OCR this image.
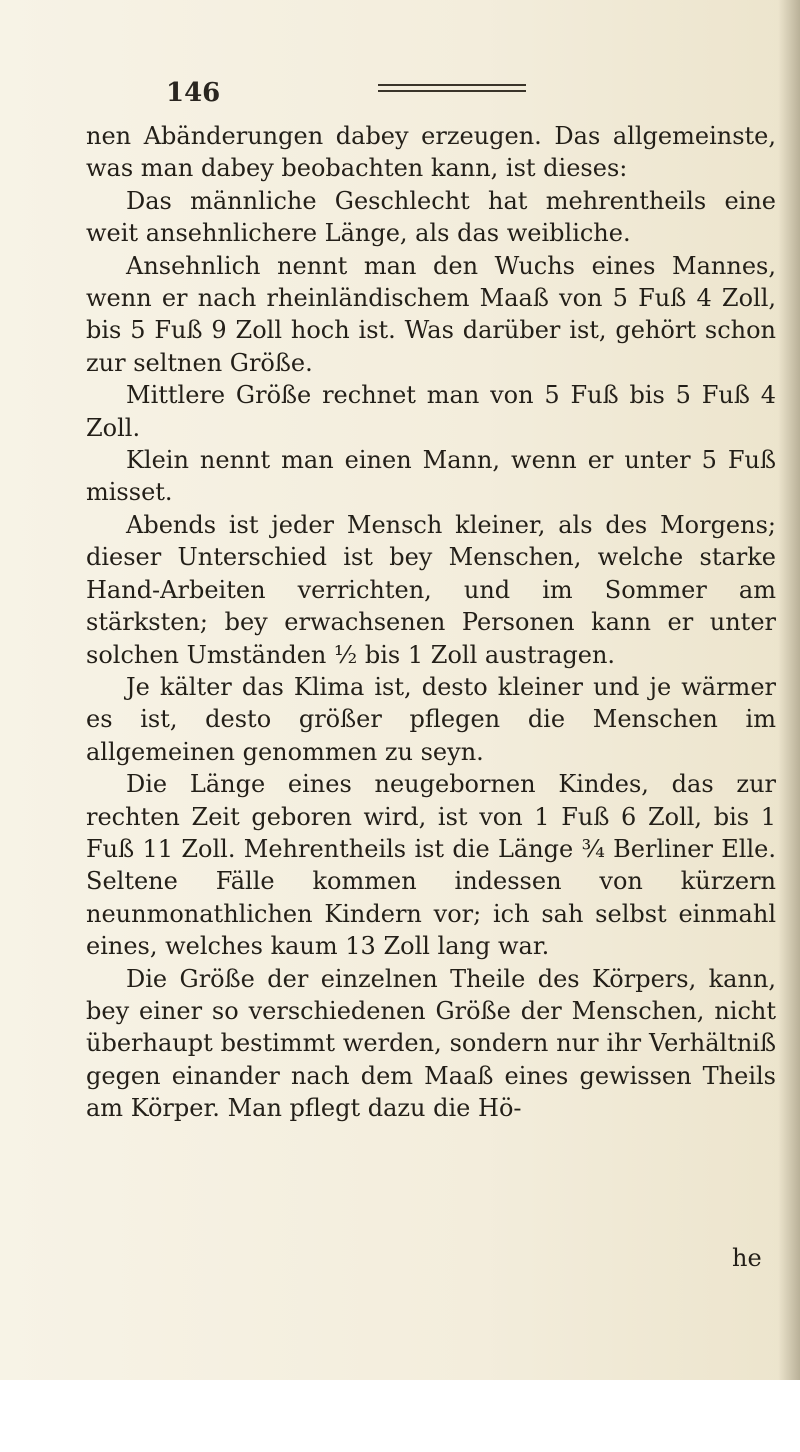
146

nen Abänderungen dabey erzeugen. Das allgemeinste, was man dabey beobachten kann, ist dieses:

Das männliche Geschlecht hat mehrentheils eine weit ansehnlichere Länge, als das weibliche.

Ansehnlich nennt man den Wuchs eines Mannes, wenn er nach rheinländischem Maaß von 5 Fuß 4 Zoll, bis 5 Fuß 9 Zoll hoch ist. Was darüber ist, gehört schon zur seltnen Größe.

Mittlere Größe rechnet man von 5 Fuß bis 5 Fuß 4 Zoll.

Klein nennt man einen Mann, wenn er unter 5 Fuß misset.

Abends ist jeder Mensch kleiner, als des Morgens; dieser Unterschied ist bey Menschen, welche starke Hand-Arbeiten verrichten, und im Sommer am stärksten; bey erwachsenen Personen kann er unter solchen Umständen ½ bis 1 Zoll austragen.

Je kälter das Klima ist, desto kleiner und je wärmer es ist, desto größer pflegen die Menschen im allgemeinen genommen zu seyn.

Die Länge eines neugebornen Kindes, das zur rechten Zeit geboren wird, ist von 1 Fuß 6 Zoll, bis 1 Fuß 11 Zoll. Mehrentheils ist die Länge ¾ Berliner Elle. Seltene Fälle kommen indessen von kürzern neunmonathlichen Kindern vor; ich sah selbst einmahl eines, welches kaum 13 Zoll lang war.

Die Größe der einzelnen Theile des Körpers, kann, bey einer so verschiedenen Größe der Menschen, nicht überhaupt bestimmt werden, sondern nur ihr Verhältniß gegen einander nach dem Maaß eines gewissen Theils am Körper. Man pflegt dazu die Hö-

he
